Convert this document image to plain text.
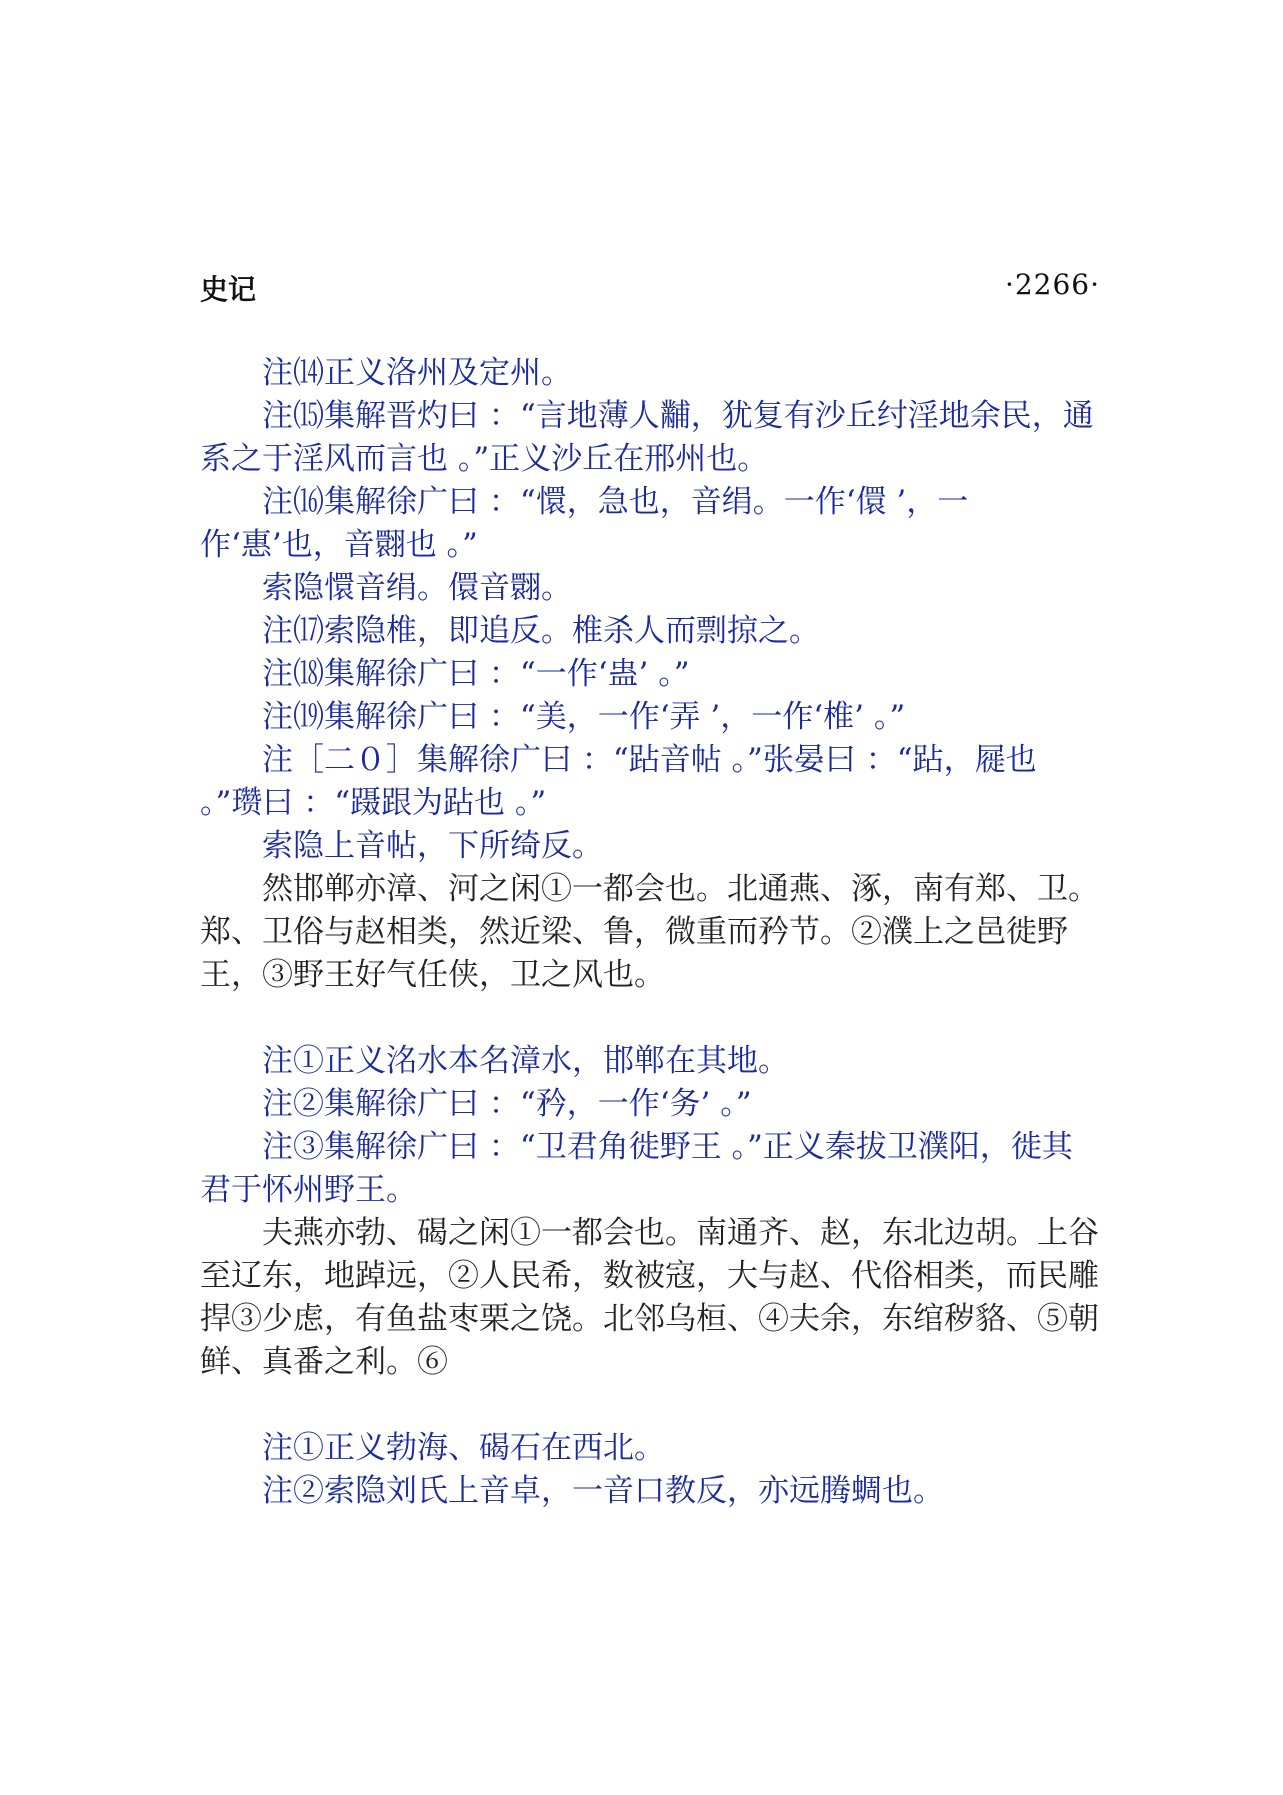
史记	·2266·

注⒁正义洛州及定州。

注⒂集解晋灼曰 ：“言地薄人黼，犹复有沙丘纣淫地余民，通系之于淫风而言也 。”正义沙丘在邢州也。

注⒃集解徐广曰 ：“懁，急也，音绢。一作‘儇 ’，一作‘惠’也，音翾也 。”

索隐懁音绢。儇音翾。

注⒄索隐椎，即追反。椎杀人而剽掠之。

注⒅集解徐广曰 ：“一作‘蛊’ 。”

注⒆集解徐广曰 ：“美，一作‘弄 ’，一作‘椎’ 。”

注［二０］集解徐广曰 ：“跕音帖 。”张晏曰 ：“跕，屣也 。”瓒曰 ：“蹑跟为跕也 。”

索隐上音帖，下所绮反。

然邯郸亦漳、河之闲①一都会也。北通燕、涿，南有郑、卫。郑、卫俗与赵相类，然近梁、鲁，微重而矜节。②濮上之邑徙野王，③野王好气任侠，卫之风也。

注①正义洺水本名漳水，邯郸在其地。

注②集解徐广曰 ：“矜，一作‘务’ 。”

注③集解徐广曰 ：“卫君角徙野王 。”正义秦拔卫濮阳，徙其君于怀州野王。

夫燕亦勃、碣之闲①一都会也。南通齐、赵，东北边胡。上谷至辽东，地踔远，②人民希，数被寇，大与赵、代俗相类，而民雕捍③少虑，有鱼盐枣栗之饶。北邻乌桓、④夫余，东绾秽貉、⑤朝鲜、真番之利。⑥

注①正义勃海、碣石在西北。

注②索隐刘氏上音卓，一音口教反，亦远腾蜩也。
